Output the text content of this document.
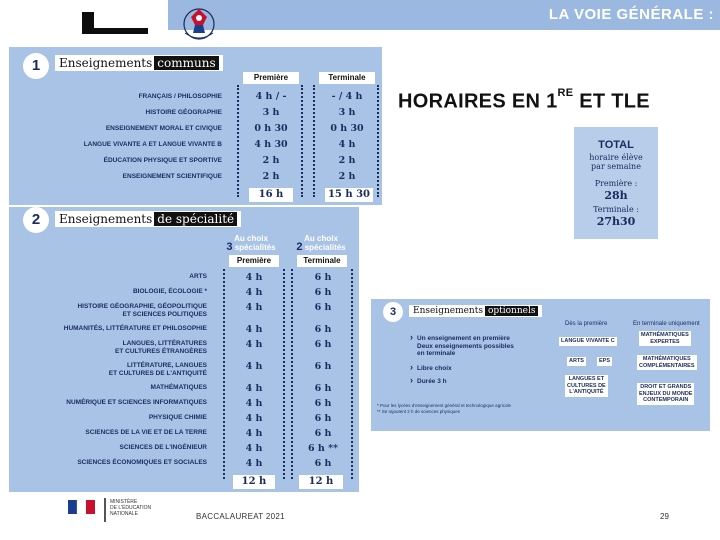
LA VOIE GÉNÉRALE :
HORAIRES EN 1RE ET TLE
1	Enseignements communs
Première	Terminale
FRANÇAIS / PHILOSOPHIE	4 h / -	- / 4 h
HISTOIRE GÉOGRAPHIE	3 h	3 h
ENSEIGNEMENT MORAL ET CIVIQUE	0 h 30	0 h 30
LANGUE VIVANTE A ET LANGUE VIVANTE B	4 h 30	4 h
ÉDUCATION PHYSIQUE ET SPORTIVE	2 h	2 h
ENSEIGNEMENT SCIENTIFIQUE	2 h	2 h
16 h	15 h 30
2	Enseignements de spécialité
Au choix
3 spécialités
Au choix
2 spécialités
Première	Terminale
ARTS	4 h	6 h
BIOLOGIE, ÉCOLOGIE *	4 h	6 h
HISTOIRE GÉOGRAPHIE, GÉOPOLITIQUE
ET SCIENCES POLITIQUES
4 h	6 h
HUMANITÉS, LITTÉRATURE ET PHILOSOPHIE	4 h	6 h
LANGUES, LITTÉRATURES
ET CULTURES ÉTRANGÈRES
4 h	6 h
LITTÉRATURE, LANGUES
ET CULTURES DE L'ANTIQUITÉ
4 h	6 h
MATHÉMATIQUES	4 h	6 h
NUMÉRIQUE ET SCIENCES INFORMATIQUES	4 h	6 h
PHYSIQUE CHIMIE	4 h	6 h
SCIENCES DE LA VIE ET DE LA TERRE	4 h	6 h
SCIENCES DE L'INGÉNIEUR	4 h	6 h **
SCIENCES ÉCONOMIQUES ET SOCIALES	4 h	6 h
12 h	12 h
3	Enseignements optionnels
Dès la première	En terminale uniquement
› Un enseignement en première
Deux enseignements possibles
en terminale
› Libre choix
› Durée 3 h
LANGUE VIVANTE C
ARTS	EPS
LANGUES ET
CULTURES DE
L'ANTIQUITÉ
MATHÉMATIQUES
EXPERTES
MATHÉMATIQUES
COMPLÉMENTAIRES
DROIT ET GRANDS
ENJEUX DU MONDE
CONTEMPORAIN
* Pour les lycées d'enseignement général et technologique agricole
** Se rajoutent 2 h de sciences physiques
TOTAL
horaire élève
par semaine
Première :
28h
Terminale :
27h30
MINISTÈRE
DE L'ÉDUCATION
NATIONALE	BACCALAUREAT 2021	29
